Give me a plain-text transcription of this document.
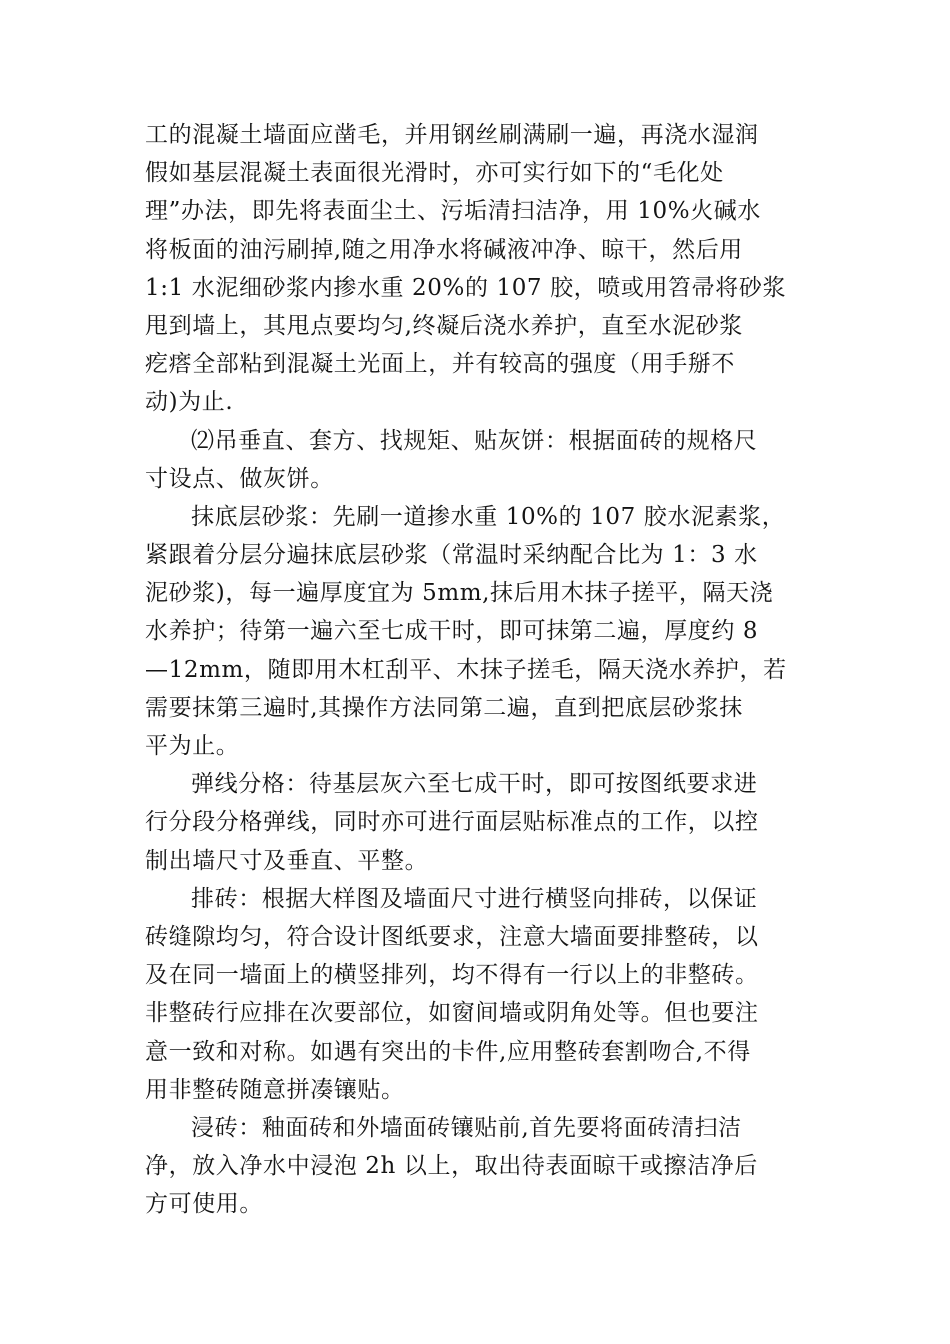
工的混凝土墙面应凿毛，并用钢丝刷满刷一遍，再浇水湿润
假如基层混凝土表面很光滑时，亦可实行如下的“毛化处
理”办法，即先将表面尘土、污垢清扫洁净，用 10%火碱水
将板面的油污刷掉,随之用净水将碱液冲净、晾干，然后用
1:1 水泥细砂浆内掺水重 20%的 107 胶，喷或用笤帚将砂浆
甩到墙上，其甩点要均匀,终凝后浇水养护，直至水泥砂浆
疙瘩全部粘到混凝土光面上，并有较高的强度（用手掰不
动)为止.
⑵吊垂直、套方、找规矩、贴灰饼：根据面砖的规格尺
寸设点、做灰饼。
抹底层砂浆：先刷一道掺水重 10%的 107 胶水泥素浆，
紧跟着分层分遍抹底层砂浆（常温时采纳配合比为 1：3 水
泥砂浆)，每一遍厚度宜为 5mm,抹后用木抹子搓平，隔天浇
水养护；待第一遍六至七成干时，即可抹第二遍，厚度约 8
—12mm，随即用木杠刮平、木抹子搓毛，隔天浇水养护，若
需要抹第三遍时,其操作方法同第二遍，直到把底层砂浆抹
平为止。
弹线分格：待基层灰六至七成干时，即可按图纸要求进
行分段分格弹线，同时亦可进行面层贴标准点的工作，以控
制出墙尺寸及垂直、平整。
排砖：根据大样图及墙面尺寸进行横竖向排砖，以保证
砖缝隙均匀，符合设计图纸要求，注意大墙面要排整砖，以
及在同一墙面上的横竖排列，均不得有一行以上的非整砖。
非整砖行应排在次要部位，如窗间墙或阴角处等。但也要注
意一致和对称。如遇有突出的卡件,应用整砖套割吻合,不得
用非整砖随意拼凑镶贴。
浸砖：釉面砖和外墙面砖镶贴前,首先要将面砖清扫洁
净，放入净水中浸泡 2h 以上，取出待表面晾干或擦洁净后
方可使用。
